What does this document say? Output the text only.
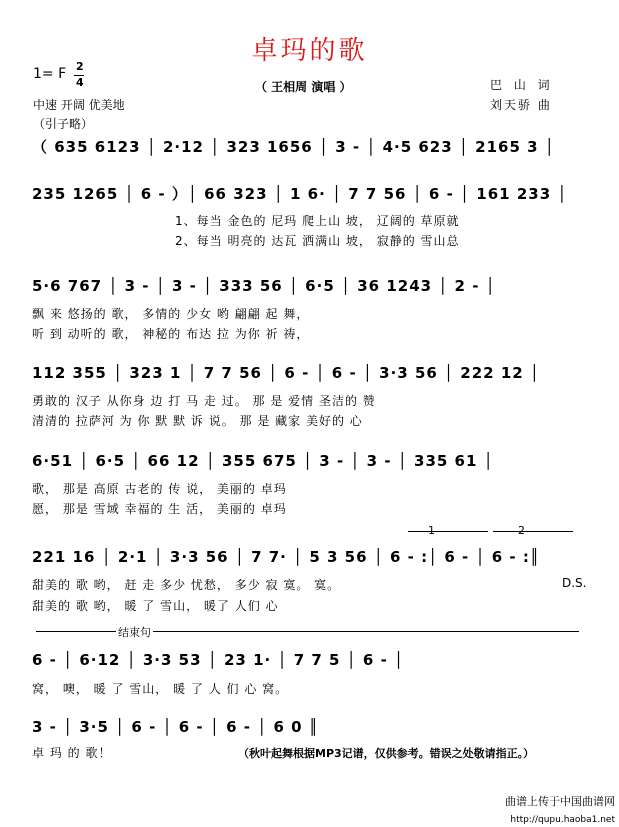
卓玛的歌
1= F 2
4	（ 王相周 演唱 ）	巴 山 词
刘天骄 曲
中速 开阔 优美地
（引子略）
（ 635 6123 │ 2·12 │ 323 1656 │ 3 - │ 4·5 623 │ 2165 3 │
235 1265 │ 6 - ）│ 66 323 │ 1 6· │ 7 7 56 │ 6 - │ 161 233 │
1、每当 金色的 尼玛 爬上山 坡， 辽阔的 草原就
2、每当 明亮的 达瓦 洒满山 坡， 寂静的 雪山总
5·6 767 │ 3 - │ 3 - │ 333 56 │ 6·5 │ 36 1243 │ 2 - │
飘 来 悠扬的 歌， 多情的 少女 哟 翩翩 起 舞，
听 到 动听的 歌， 神秘的 布达 拉 为你 祈 祷，
112 355 │ 323 1 │ 7 7 56 │ 6 - │ 6 - │ 3·3 56 │ 222 12 │
勇敢的 汉子 从你身 边 打 马 走 过。 那 是 爱情 圣洁的 赞
清清的 拉萨河 为 你 默 默 诉 说。 那 是 藏家 美好的 心
6·51 │ 6·5 │ 66 12 │ 355 675 │ 3 - │ 3 - │ 335 61 │
歌， 那是 高原 古老的 传 说， 美丽的 卓玛
愿， 那是 雪域 幸福的 生 活， 美丽的 卓玛
1	2
221 16 │ 2·1 │ 3·3 56 │ 7 7· │ 5 3 56 │ 6 - :│ 6 - │ 6 - :║
甜美的 歌 哟， 赶 走 多少 忧愁， 多少 寂 寞。 寞。
甜美的 歌 哟， 暖 了 雪山， 暖了 人们 心
D.S.
结束句
6 - │ 6·12 │ 3·3 53 │ 23 1· │ 7 7 5 │ 6 - │
窝， 噢， 暖 了 雪山， 暖 了 人 们 心 窝。
3 - │ 3·5 │ 6 - │ 6 - │ 6 - │ 6 0 ║
卓 玛 的 歌！	（秋叶起舞根据MP3记谱，仅供参考。错误之处敬请指正。）
曲谱上传于中国曲谱网
http://qupu.haoba1.net
